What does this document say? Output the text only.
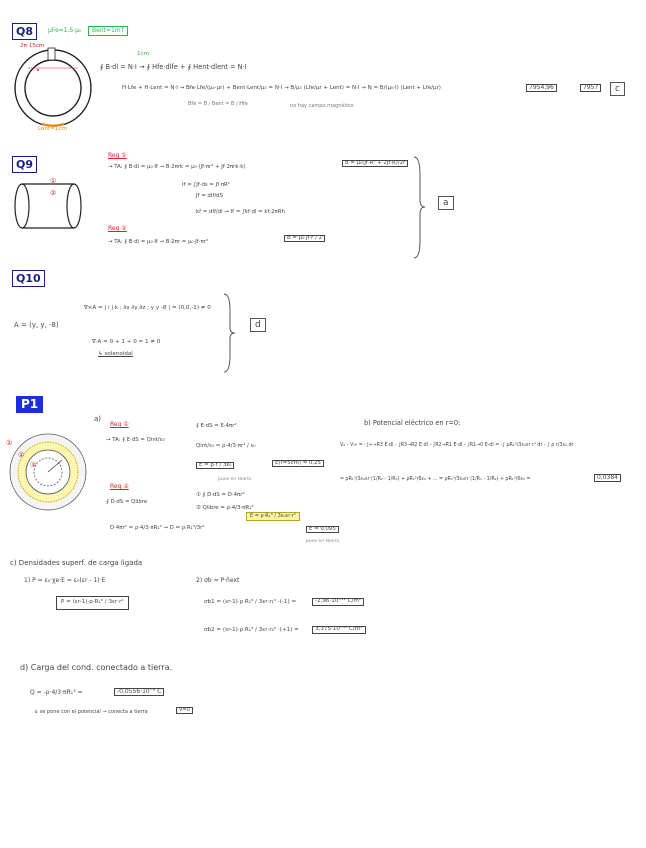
Q8	μFe=1,5·μ₀	Bent=1mT
2π·15cm
Lent=1cm
1cm
∮ B·dl = N·I → ∮ Hfe·dlfe + ∮ Hent·dlent = N·I
H·Lfe + H·Lent = N·I → Bfe·Lfe/(μ₀·μr) + Bent·Lent/μ₀ = N·I → B/μ₀ (Lfe/μr + Lent) = N·I → N = B/(μ₀·I) (Lent + Lfe/μr)
Bfe = B / Bent = B / Hfe	no hay campo magnético
7954,96	7957	c
Q9
①
②
Reg ①
→ TA: ∮ B·dl = μ₀·If → B·2πrk = μ₀·(Jf·πr² + Jf·2πrk·k)
B = μ₀(Jf·R² + 2Jf·R)/2r
If = ∫Jf·ds = Jf·πR²
Jf = dIf/dS
kf = dIf/dl → If = ∫kf·dl = kf·2πRh
Reg ②
→ TA: ∮ B·dl = μ₀·If → B·2πr = μ₀·Jf·πr²
B = μ₀·Jf·r / 2
a
Q10
A = (y, y, -8)
∇×A = | i j k ; ∂x ∂y ∂z ; y y -8 | = (0,0,-1) ≠ 0
∇·A = 0 + 1 + 0 = 1 ≠ 0
↳ solenoidal
d
P1
①
②
③
a)
Reg ①
→ TA: ∮ E·dS = Qint/ε₀
∮ E·dS = E·4πr²
Qint/ε₀ = ρ·4/3·πr³ / ε₀
E = ρ·r / 3ε₀	E(r=5cm) = 0,25
pues en teoría
Reg ②
∮ D·dS = Qlibre
① ∮ D·dS = D·4πr²
② Qlibre = ρ·4/3·πR₁³
D·4πr² = ρ·4/3·πR₁³ → D = ρ·R₁³/3r²
E = ρ·R₁³ / 3ε₀εr·r²
E = 0,095
pues en teoría
b) Potencial eléctrico en r=0:
V₀ - V∞ = -∫∞→R3 E·dl - ∫R3→R2 E·dl - ∫R2→R1 E·dl - ∫R1→0 E·dl = -∫ ρR₁³/3ε₀εr r² dr - ∫ ρ r/3ε₀ dr
= ρR₁³/3ε₀εr (1/R₂ - 1/R₃) + ρR₁²/6ε₀ + ... = ρR₁³/3ε₀εr (1/R₁ - 1/R₂) + ρR₁²/6ε₀ =	0,0384
c) Densidades superf. de carga ligada
1) P = ε₀·χe·E = ε₀(εr - 1)·E
P = (εr-1)·ρ·R₁³ / 3εr·r²
2) σb = P·n̂ext
σb1 = (εr-1)·ρ·R₁³ / 3εr·r₁² ·(-1) =	-2,96·10⁻¹² C/m²
σb2 = (εr-1)·ρ·R₁³ / 3εr·r₂² ·(+1) =	3,375·10⁻¹² C/m²
d) Carga del cond. conectado a tierra.
Q = -ρ·4/3·πR₁³ =	-0,0556·10⁻⁹ C
↳ se pone con el potencial → conecta a tierra	V=0
